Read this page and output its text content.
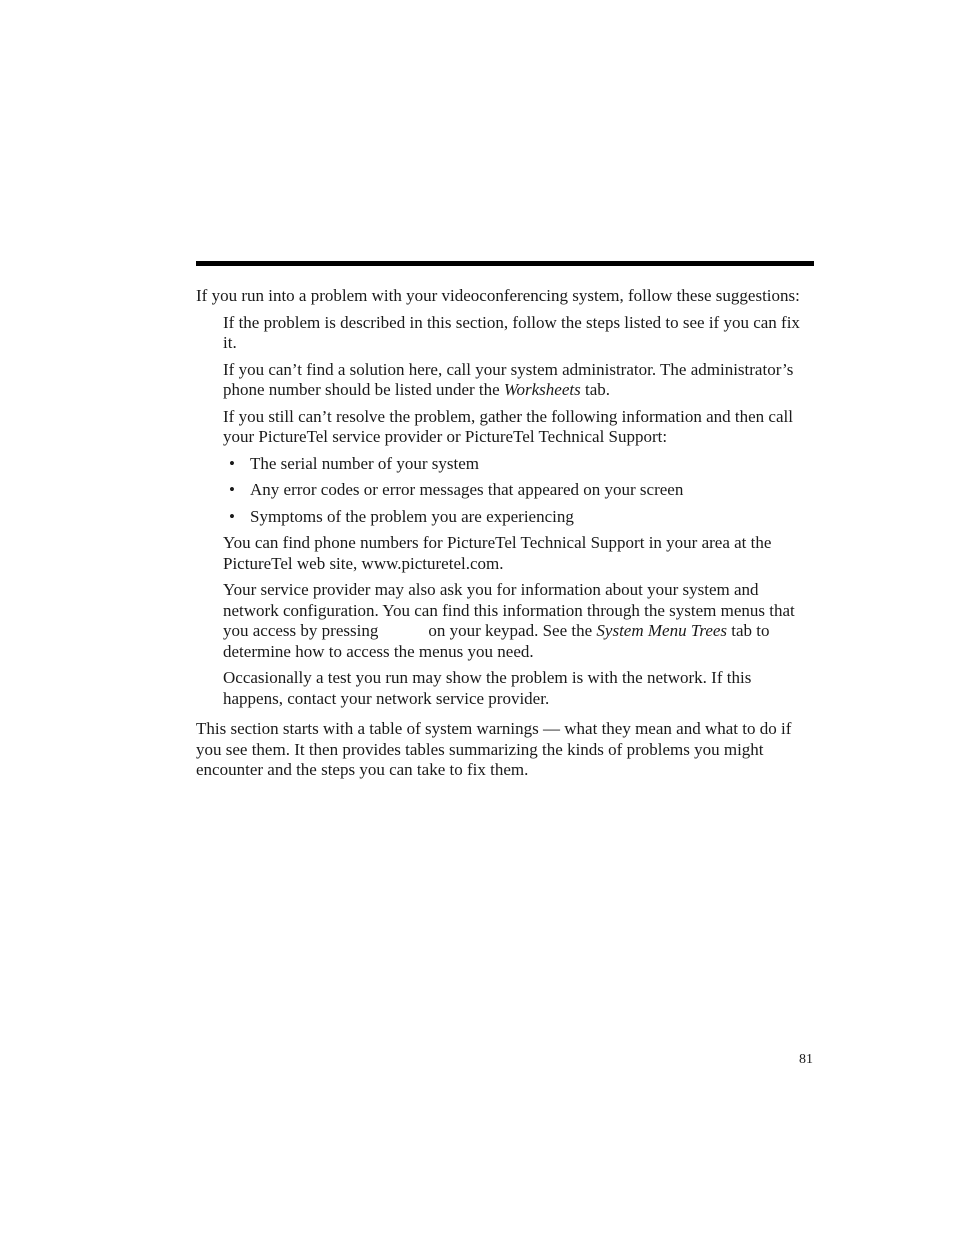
If you run into a problem with your videoconferencing system, follow these suggestions:

If the problem is described in this section, follow the steps listed to see if you can fix it.

If you can’t find a solution here, call your system administrator. The administrator’s phone number should be listed under the Worksheets tab.

If you still can’t resolve the problem, gather the following information and then call your PictureTel service provider or PictureTel Technical Support:

• The serial number of your system
• Any error codes or error messages that appeared on your screen
• Symptoms of the problem you are experiencing

You can find phone numbers for PictureTel Technical Support in your area at the PictureTel web site, www.picturetel.com.

Your service provider may also ask you for information about your system and network configuration. You can find this information through the system menus that you access by pressing	on your keypad. See the System Menu Trees tab to determine how to access the menus you need.

Occasionally a test you run may show the problem is with the network. If this happens, contact your network service provider.

This section starts with a table of system warnings — what they mean and what to do if you see them. It then provides tables summarizing the kinds of problems you might encounter and the steps you can take to fix them.

81
